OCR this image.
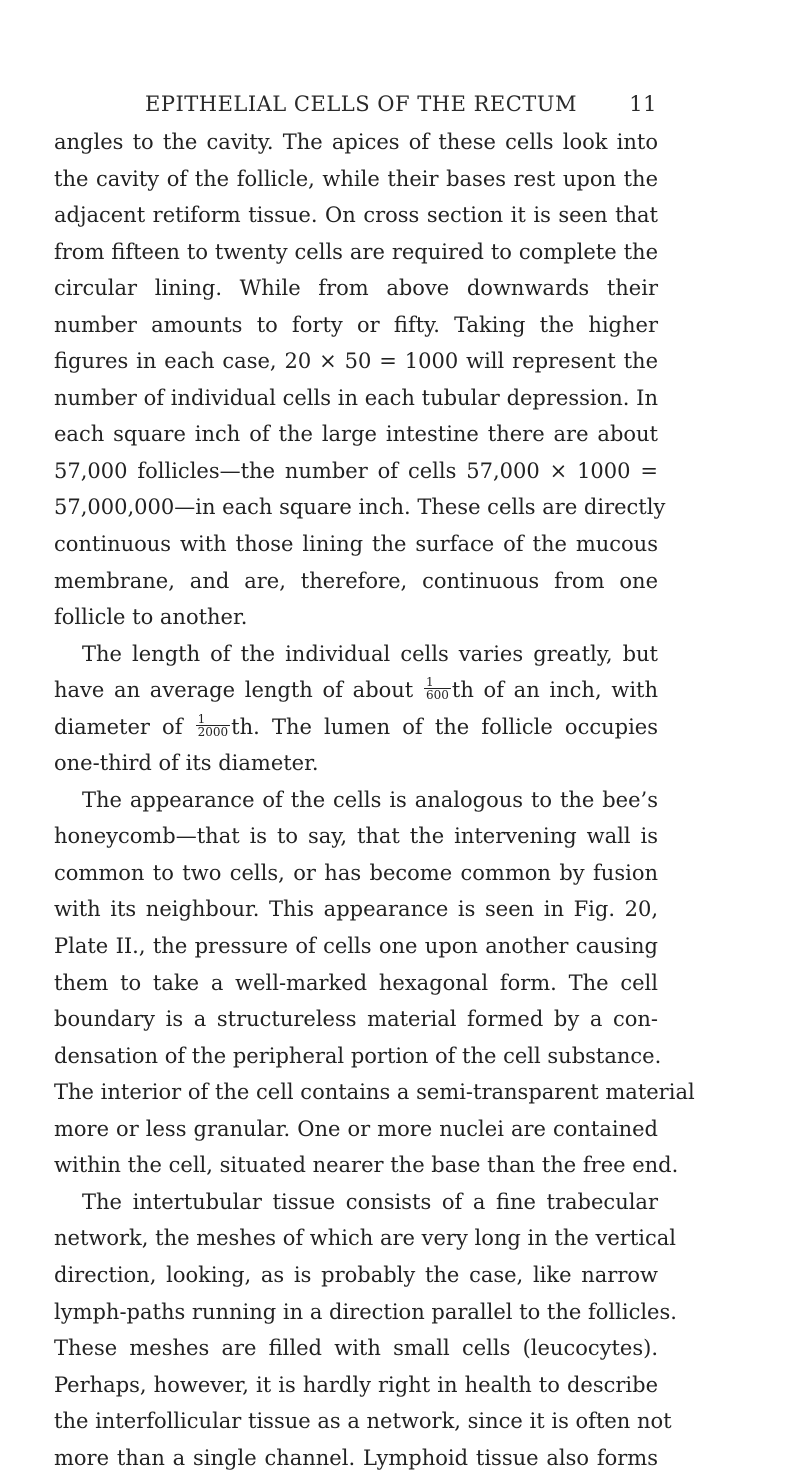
EPITHELIAL CELLS OF THE RECTUM 11
angles to the cavity. The apices of these cells look into
the cavity of the follicle, while their bases rest upon the
adjacent retiform tissue. On cross section it is seen that
from fifteen to twenty cells are required to complete the
circular lining. While from above downwards their
number amounts to forty or fifty. Taking the higher
figures in each case, 20 × 50 = 1000 will represent the
number of individual cells in each tubular depression. In
each square inch of the large intestine there are about
57,000 follicles—the number of cells 57,000 × 1000 =
57,000,000—in each square inch. These cells are directly
continuous with those lining the surface of the mucous
membrane, and are, therefore, continuous from one
follicle to another.
The length of the individual cells varies greatly, but
have an average length of about $\frac{1}{600}$ th of an inch, with
diameter of $\frac{1}{2000}$ th. The lumen of the follicle occupies
one-third of its diameter.
The appearance of the cells is analogous to the bee’s
honeycomb—that is to say, that the intervening wall is
common to two cells, or has become common by fusion
with its neighbour. This appearance is seen in Fig. 20,
Plate II., the pressure of cells one upon another causing
them to take a well-marked hexagonal form. The cell
boundary is a structureless material formed by a con-
densation of the peripheral portion of the cell substance.
The interior of the cell contains a semi-transparent material
more or less granular. One or more nuclei are contained
within the cell, situated nearer the base than the free end.
The intertubular tissue consists of a fine trabecular
network, the meshes of which are very long in the vertical
direction, looking, as is probably the case, like narrow
lymph-paths running in a direction parallel to the follicles.
These meshes are filled with small cells (leucocytes).
Perhaps, however, it is hardly right in health to describe
the interfollicular tissue as a network, since it is often not
more than a single channel. Lymphoid tissue also forms
